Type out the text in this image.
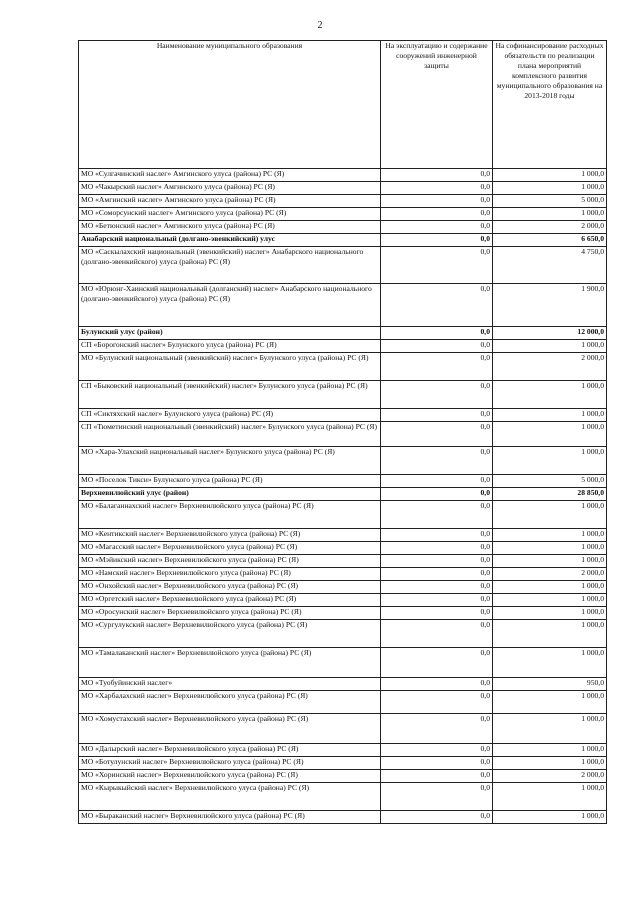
2
Наименование муниципального образования	На эксплуатацию и содержание сооружений инженерной защиты	На софинансирование расходных обязательств по реализации плана мероприятий комплексного развития муниципального образования на 2013-2018 годы
МО «Сулгачинский наслег» Амгинского улуса (района) РС (Я)	0,0	1 000,0
МО «Чакырский наслег» Амгинского улуса (района) РС (Я)	0,0	1 000,0
МО «Амгинский наслег» Амгинского улуса (района) РС (Я)	0,0	5 000,0
МО «Соморсунский наслег» Амгинского улуса (района) РС (Я)	0,0	1 000,0
МО «Бетюнский наслег» Амгинского улуса (района) РС (Я)	0,0	2 000,0
Анабарский национальный (долгано-эвенкийский) улус	0,0	6 650,0
МО «Саскылахский национальный (эвенкийский) наслег» Анабарского национального (долгано-эвенкийского) улуса (района) РС (Я)	0,0	4 750,0
МО «Юрюнг-Хаинский национальный (долганский) наслег» Анабарского национального (долгано-эвенкийского) улуса (района) РС (Я)	0,0	1 900,0
Булунский улус (район)	0,0	12 000,0
СП «Борогонский наслег» Булунского улуса (района) РС (Я)	0,0	1 000,0
МО «Булунский национальный (эвенкийский) наслег» Булунского улуса (района) РС (Я)	0,0	2 000,0
СП «Быковский национальный (эвенкийский) наслег» Булунского улуса (района) РС (Я)	0,0	1 000,0
СП «Сиктяхский наслег» Булунского улуса (района) РС (Я)	0,0	1 000,0
СП «Тюметинский национальный (эвенкийский) наслег» Булунского улуса (района) РС (Я)	0,0	1 000,0
МО «Хара-Улахский национальный наслег» Булунского улуса (района) РС (Я)	0,0	1 000,0
МО «Поселок Тикси» Булунского улуса (района) РС (Я)	0,0	5 000,0
Верхневилюйский улус (район)	0,0	28 850,0
МО «Балаганнахский наслег» Верхневилюйского улуса (района) РС (Я)	0,0	1 000,0
МО «Кентикский наслег» Верхневилюйского улуса (района) РС (Я)	0,0	1 000,0
МО «Магасский наслег» Верхневилюйского улуса (района) РС (Я)	0,0	1 000,0
МО «Мэйикский наслег» Верхневилюйского улуса (района) РС (Я)	0,0	1 000,0
МО «Намский наслег» Верхневилюйского улуса (района) РС (Я)	0,0	2 000,0
МО «Онхойский наслег» Верхневилюйского улуса (района) РС (Я)	0,0	1 000,0
МО «Оргетский наслег» Верхневилюйского улуса (района) РС (Я)	0,0	1 000,0
МО «Оросунский наслег» Верхневилюйского улуса (района) РС (Я)	0,0	1 000,0
МО «Сургулукский наслег» Верхневилюйского улуса (района) РС (Я)	0,0	1 000,0
МО «Тамалаканский наслег» Верхневилюйского улуса (района) РС (Я)	0,0	1 000,0
МО «Туобуйинский наслег»	0,0	950,0
МО «Харбалахский наслег» Верхневилюйского улуса (района) РС (Я)	0,0	1 000,0
МО «Хомустахский наслег» Верхневилюйского улуса (района) РС (Я)	0,0	1 000,0
МО «Далырский наслег» Верхневилюйского улуса (района) РС (Я)	0,0	1 000,0
МО «Ботулунский наслег» Верхневилюйского улуса (района) РС (Я)	0,0	1 000,0
МО «Хоринский наслег» Верхневилюйского улуса (района) РС (Я)	0,0	2 000,0
МО «Кырыкыйский наслег» Верхневилюйского улуса (района) РС (Я)	0,0	1 000,0
МО «Быраканский наслег» Верхневилюйского улуса (района) РС (Я)	0,0	1 000,0
